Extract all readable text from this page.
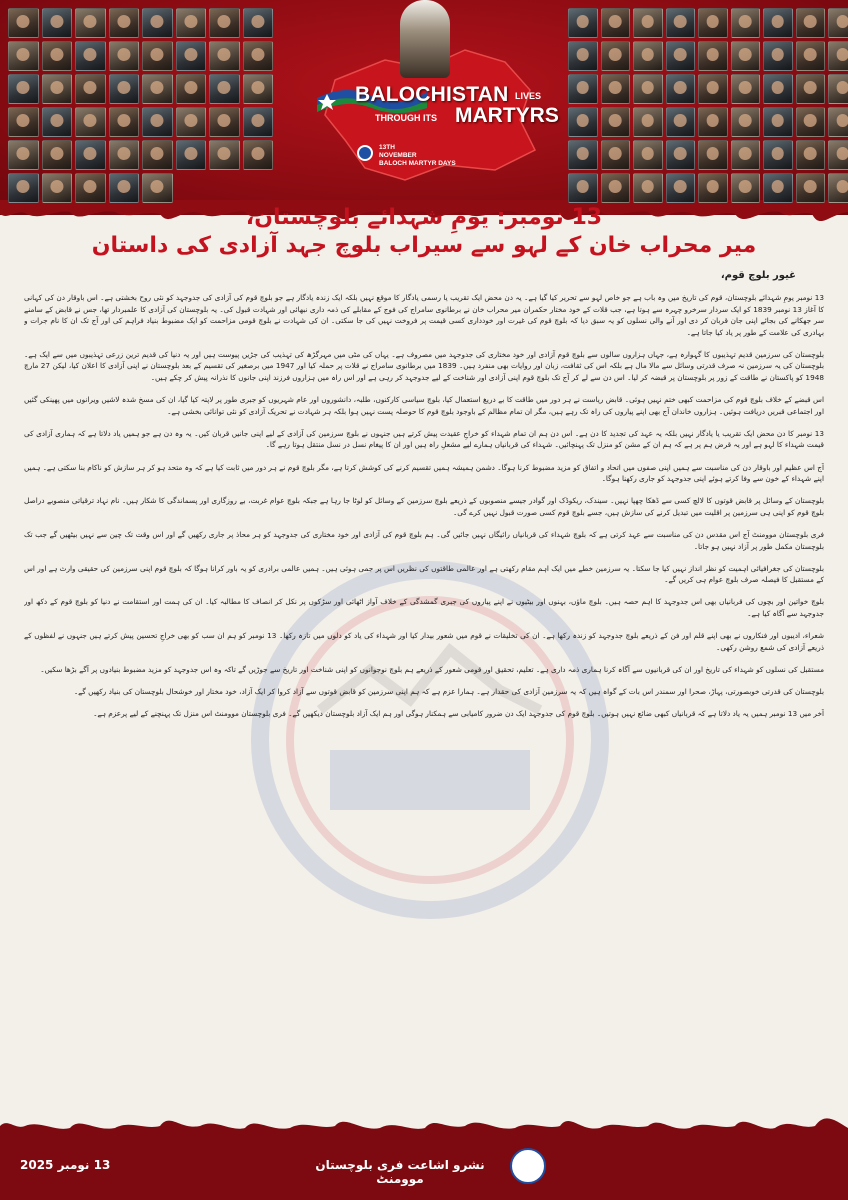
BALOCHISTAN LIVES
THROUGH ITS MARTYRS
13TH
NOVEMBER
BALOCH MARTYR DAYS
13 نومبر: یومِ شہدائے بلوچستان،
میر محراب خان کے لہو سے سیراب بلوچ جہد آزادی کی داستان
غیور بلوچ قوم،

13 نومبر یومِ شہدائے بلوچستان، قوم کی تاریخ میں وہ باب ہے جو خاص لہو سے تحریر کیا گیا ہے۔ یہ دن محض ایک تقریب یا رسمی یادگار کا موقع نہیں بلکہ ایک زندہ یادگار ہے جو بلوچ قوم کی آزادی کی جدوجہد کو نئی روح بخشتی ہے۔ اس باوقار دن کی کہانی کا آغاز 13 نومبر 1839 کو ایک سردار سرخرو چہرہ سے ہوتا ہے، جب قلات کے خود مختار حکمران میر محراب خان نے برطانوی سامراج کی فوج کے مقابلے کی ذمہ داری نبھائی اور شہادت قبول کی۔ یہ بلوچستان کی آزادی کا علمبردار تھا، جس نے قابض کے سامنے سر جھکانے کی بجائے اپنی جان قربان کر دی اور آنے والی نسلوں کو یہ سبق دیا کہ بلوچ قوم کی غیرت اور خودداری کسی قیمت پر فروخت نہیں کی جا سکتی۔ ان کی شہادت نے بلوچ قومی مزاحمت کو ایک مضبوط بنیاد فراہم کی اور آج تک ان کا نام جرات و بہادری کی علامت کے طور پر یاد کیا جاتا ہے۔

بلوچستان کی سرزمین قدیم تہذیبوں کا گہوارہ ہے، جہاں ہزاروں سالوں سے بلوچ قوم آزادی اور خود مختاری کی جدوجہد میں مصروف ہے۔ یہاں کی مٹی میں مہرگڑھ کی تہذیب کی جڑیں پیوست ہیں اور یہ دنیا کی قدیم ترین زرعی تہذیبوں میں سے ایک ہے۔ بلوچستان کی یہ سرزمین نہ صرف قدرتی وسائل سے مالا مال ہے بلکہ اس کی ثقافت، زبان اور روایات بھی منفرد ہیں۔ 1839 میں برطانوی سامراج نے قلات پر حملہ کیا اور 1947 میں برصغیر کی تقسیم کے بعد بلوچستان نے اپنی آزادی کا اعلان کیا، لیکن 27 مارچ 1948 کو پاکستان نے طاقت کے زور پر بلوچستان پر قبضہ کر لیا۔ اس دن سے لے کر آج تک بلوچ قوم اپنی آزادی اور شناخت کے لیے جدوجہد کر رہی ہے اور اس راہ میں ہزاروں فرزند اپنی جانوں کا نذرانہ پیش کر چکے ہیں۔

اس قبضے کے خلاف بلوچ قوم کی مزاحمت کبھی ختم نہیں ہوئی۔ قابض ریاست نے ہر دور میں طاقت کا بے دریغ استعمال کیا، بلوچ سیاسی کارکنوں، طلبہ، دانشوروں اور عام شہریوں کو جبری طور پر لاپتہ کیا گیا، ان کی مسخ شدہ لاشیں ویرانوں میں پھینکی گئیں اور اجتماعی قبریں دریافت ہوئیں۔ ہزاروں خاندان آج بھی اپنے پیاروں کی راہ تک رہے ہیں، مگر ان تمام مظالم کے باوجود بلوچ قوم کا حوصلہ پست نہیں ہوا بلکہ ہر شہادت نے تحریک آزادی کو نئی توانائی بخشی ہے۔

13 نومبر کا دن محض ایک تقریب یا یادگار نہیں بلکہ یہ عہد کی تجدید کا دن ہے۔ اس دن ہم ان تمام شہداء کو خراجِ عقیدت پیش کرتے ہیں جنہوں نے بلوچ سرزمین کی آزادی کے لیے اپنی جانیں قربان کیں۔ یہ وہ دن ہے جو ہمیں یاد دلاتا ہے کہ ہماری آزادی کی قیمت شہداء کا لہو ہے اور یہ قرض ہم پر ہے کہ ہم ان کے مشن کو منزل تک پہنچائیں۔ شہداء کی قربانیاں ہمارے لیے مشعلِ راہ ہیں اور ان کا پیغام نسل در نسل منتقل ہوتا رہے گا۔

آج اس عظیم اور باوقار دن کی مناسبت سے ہمیں اپنی صفوں میں اتحاد و اتفاق کو مزید مضبوط کرنا ہوگا۔ دشمن ہمیشہ ہمیں تقسیم کرنے کی کوشش کرتا ہے، مگر بلوچ قوم نے ہر دور میں ثابت کیا ہے کہ وہ متحد ہو کر ہر سازش کو ناکام بنا سکتی ہے۔ ہمیں اپنے شہداء کے خون سے وفا کرتے ہوئے اپنی جدوجہد کو جاری رکھنا ہوگا۔

بلوچستان کے وسائل پر قابض قوتوں کا لالچ کسی سے ڈھکا چھپا نہیں۔ سیندک، ریکوڈک اور گوادر جیسے منصوبوں کے ذریعے بلوچ سرزمین کے وسائل کو لوٹا جا رہا ہے جبکہ بلوچ عوام غربت، بے روزگاری اور پسماندگی کا شکار ہیں۔ نام نہاد ترقیاتی منصوبے دراصل بلوچ قوم کو اپنی ہی سرزمین پر اقلیت میں تبدیل کرنے کی سازش ہیں، جسے بلوچ قوم کسی صورت قبول نہیں کرے گی۔

فری بلوچستان موومنٹ آج اس مقدس دن کی مناسبت سے عہد کرتی ہے کہ بلوچ شہداء کی قربانیاں رائیگاں نہیں جائیں گی۔ ہم بلوچ قوم کی آزادی اور خود مختاری کی جدوجہد کو ہر محاذ پر جاری رکھیں گے اور اس وقت تک چین سے نہیں بیٹھیں گے جب تک بلوچستان مکمل طور پر آزاد نہیں ہو جاتا۔

بلوچستان کی جغرافیائی اہمیت کو نظر انداز نہیں کیا جا سکتا۔ یہ سرزمین خطے میں ایک اہم مقام رکھتی ہے اور عالمی طاقتوں کی نظریں اس پر جمی ہوئی ہیں۔ ہمیں عالمی برادری کو یہ باور کرانا ہوگا کہ بلوچ قوم اپنی سرزمین کی حقیقی وارث ہے اور اس کے مستقبل کا فیصلہ صرف بلوچ عوام ہی کریں گے۔

بلوچ خواتین اور بچوں کی قربانیاں بھی اس جدوجہد کا اہم حصہ ہیں۔ بلوچ ماؤں، بہنوں اور بیٹیوں نے اپنے پیاروں کی جبری گمشدگی کے خلاف آواز اٹھائی اور سڑکوں پر نکل کر انصاف کا مطالبہ کیا۔ ان کی ہمت اور استقامت نے دنیا کو بلوچ قوم کے دکھ اور جدوجہد سے آگاہ کیا ہے۔

شعراء، ادیبوں اور فنکاروں نے بھی اپنے قلم اور فن کے ذریعے بلوچ جدوجہد کو زندہ رکھا ہے۔ ان کی تخلیقات نے قوم میں شعور بیدار کیا اور شہداء کی یاد کو دلوں میں تازہ رکھا۔ 13 نومبر کو ہم ان سب کو بھی خراجِ تحسین پیش کرتے ہیں جنہوں نے لفظوں کے ذریعے آزادی کی شمع روشن رکھی۔

مستقبل کی نسلوں کو شہداء کی تاریخ اور ان کی قربانیوں سے آگاہ کرنا ہماری ذمہ داری ہے۔ تعلیم، تحقیق اور قومی شعور کے ذریعے ہم بلوچ نوجوانوں کو اپنی شناخت اور تاریخ سے جوڑیں گے تاکہ وہ اس جدوجہد کو مزید مضبوط بنیادوں پر آگے بڑھا سکیں۔

بلوچستان کی قدرتی خوبصورتی، پہاڑ، صحرا اور سمندر اس بات کے گواہ ہیں کہ یہ سرزمین آزادی کی حقدار ہے۔ ہمارا عزم ہے کہ ہم اپنی سرزمین کو قابض قوتوں سے آزاد کروا کر ایک آزاد، خود مختار اور خوشحال بلوچستان کی بنیاد رکھیں گے۔

آخر میں 13 نومبر ہمیں یہ یاد دلاتا ہے کہ قربانیاں کبھی ضائع نہیں ہوتیں۔ بلوچ قوم کی جدوجہد ایک دن ضرور کامیابی سے ہمکنار ہوگی اور ہم ایک آزاد بلوچستان دیکھیں گے۔ فری بلوچستان موومنٹ اس منزل تک پہنچنے کے لیے پرعزم ہے۔

نشرو اشاعت فری بلوچستان موومنٹ
13 نومبر 2025
